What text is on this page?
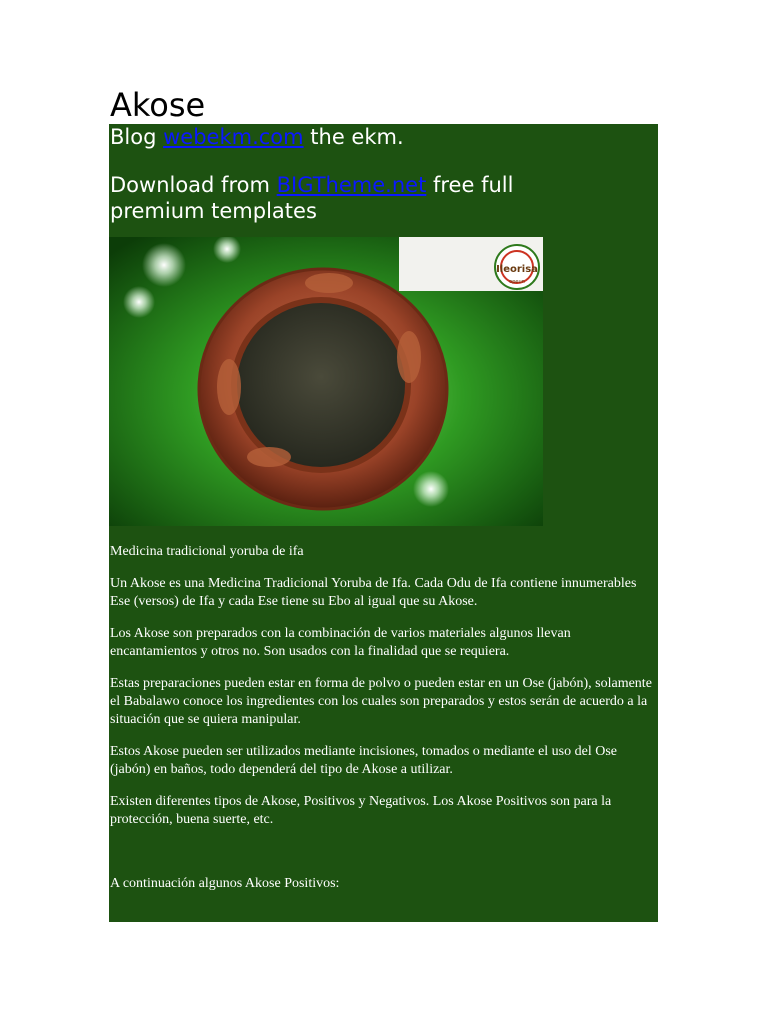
Akose

Blog webekm.com the ekm.

Download from BIGTheme.net free full

premium templates

Ileorisa
opeun

Medicina tradicional yoruba de ifa

Un Akose es una Medicina Tradicional Yoruba de Ifa. Cada Odu de Ifa contiene innumerables Ese (versos) de Ifa y cada Ese tiene su Ebo al igual que su Akose.

Los Akose son preparados con la combinación de varios materiales algunos llevan encantamientos y otros no. Son usados con la finalidad que se requiera.

Estas preparaciones pueden estar en forma de polvo o pueden estar en un Ose (jabón), solamente el Babalawo conoce los ingredientes con los cuales son preparados y estos serán de acuerdo a la situación que se quiera manipular.

Estos Akose pueden ser utilizados mediante incisiones, tomados o mediante el uso del Ose (jabón) en baños, todo dependerá del tipo de Akose a utilizar.

Existen diferentes tipos de Akose, Positivos y Negativos. Los Akose Positivos son para la protección, buena suerte, etc.

A continuación algunos Akose Positivos:
